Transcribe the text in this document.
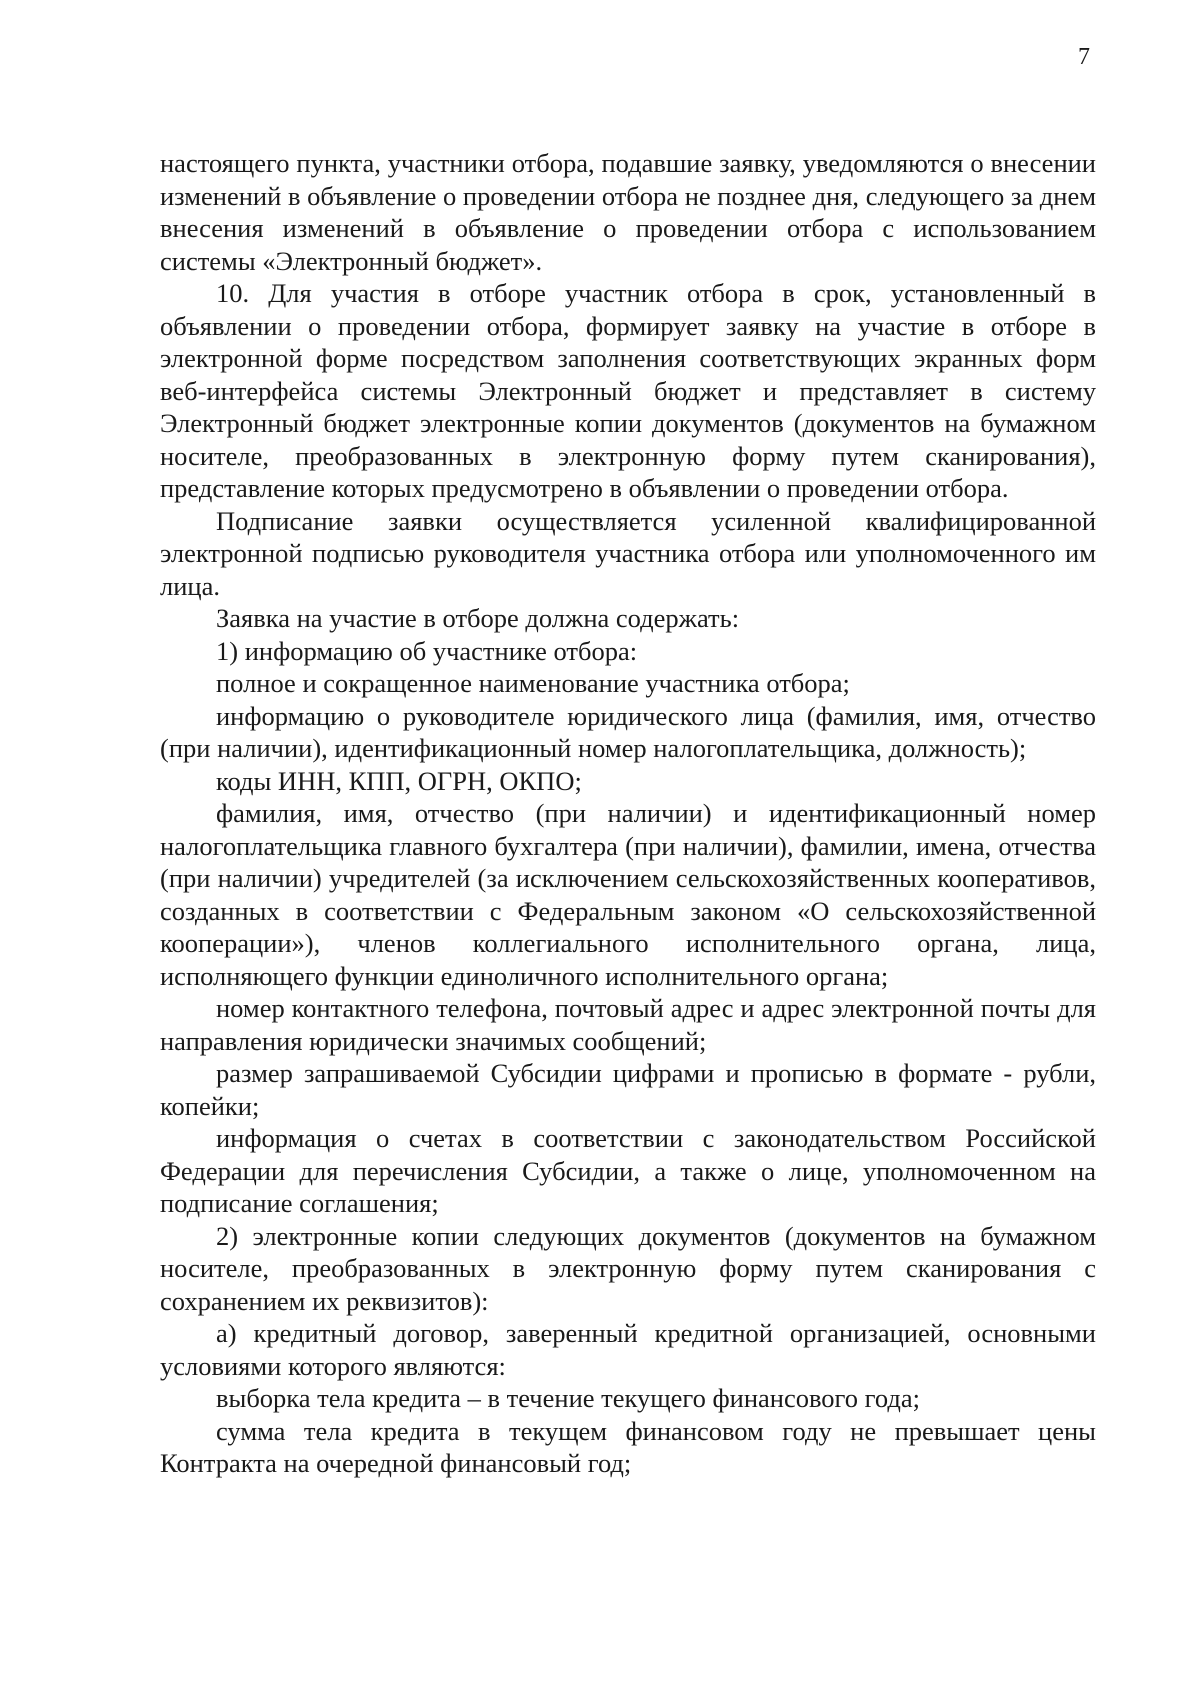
7

настоящего пункта, участники отбора, подавшие заявку, уведомляются о внесении изменений в объявление о проведении отбора не позднее дня, следующего за днем внесения изменений в объявление о проведении отбора с использованием системы «Электронный бюджет».

10. Для участия в отборе участник отбора в срок, установленный в объявлении о проведении отбора, формирует заявку на участие в отборе в электронной форме посредством заполнения соответствующих экранных форм веб-интерфейса системы Электронный бюджет и представляет в систему Электронный бюджет электронные копии документов (документов на бумажном носителе, преобразованных в электронную форму путем сканирования), представление которых предусмотрено в объявлении о проведении отбора.

Подписание заявки осуществляется усиленной квалифицированной электронной подписью руководителя участника отбора или уполномоченного им лица.

Заявка на участие в отборе должна содержать:

1) информацию об участнике отбора:

полное и сокращенное наименование участника отбора;

информацию о руководителе юридического лица (фамилия, имя, отчество (при наличии), идентификационный номер налогоплательщика, должность);

коды ИНН, КПП, ОГРН, ОКПО;

фамилия, имя, отчество (при наличии) и идентификационный номер налогоплательщика главного бухгалтера (при наличии), фамилии, имена, отчества (при наличии) учредителей (за исключением сельскохозяйственных кооперативов, созданных в соответствии с Федеральным законом «О сельскохозяйственной кооперации»), членов коллегиального исполнительного органа, лица, исполняющего функции единоличного исполнительного органа;

номер контактного телефона, почтовый адрес и адрес электронной почты для направления юридически значимых сообщений;

размер запрашиваемой Субсидии цифрами и прописью в формате - рубли, копейки;

информация о счетах в соответствии с законодательством Российской Федерации для перечисления Субсидии, а также о лице, уполномоченном на подписание соглашения;

2) электронные копии следующих документов (документов на бумажном носителе, преобразованных в электронную форму путем сканирования с сохранением их реквизитов):

а) кредитный договор, заверенный кредитной организацией, основными условиями которого являются:

выборка тела кредита – в течение текущего финансового года;

сумма тела кредита в текущем финансовом году не превышает цены Контракта на очередной финансовый год;
